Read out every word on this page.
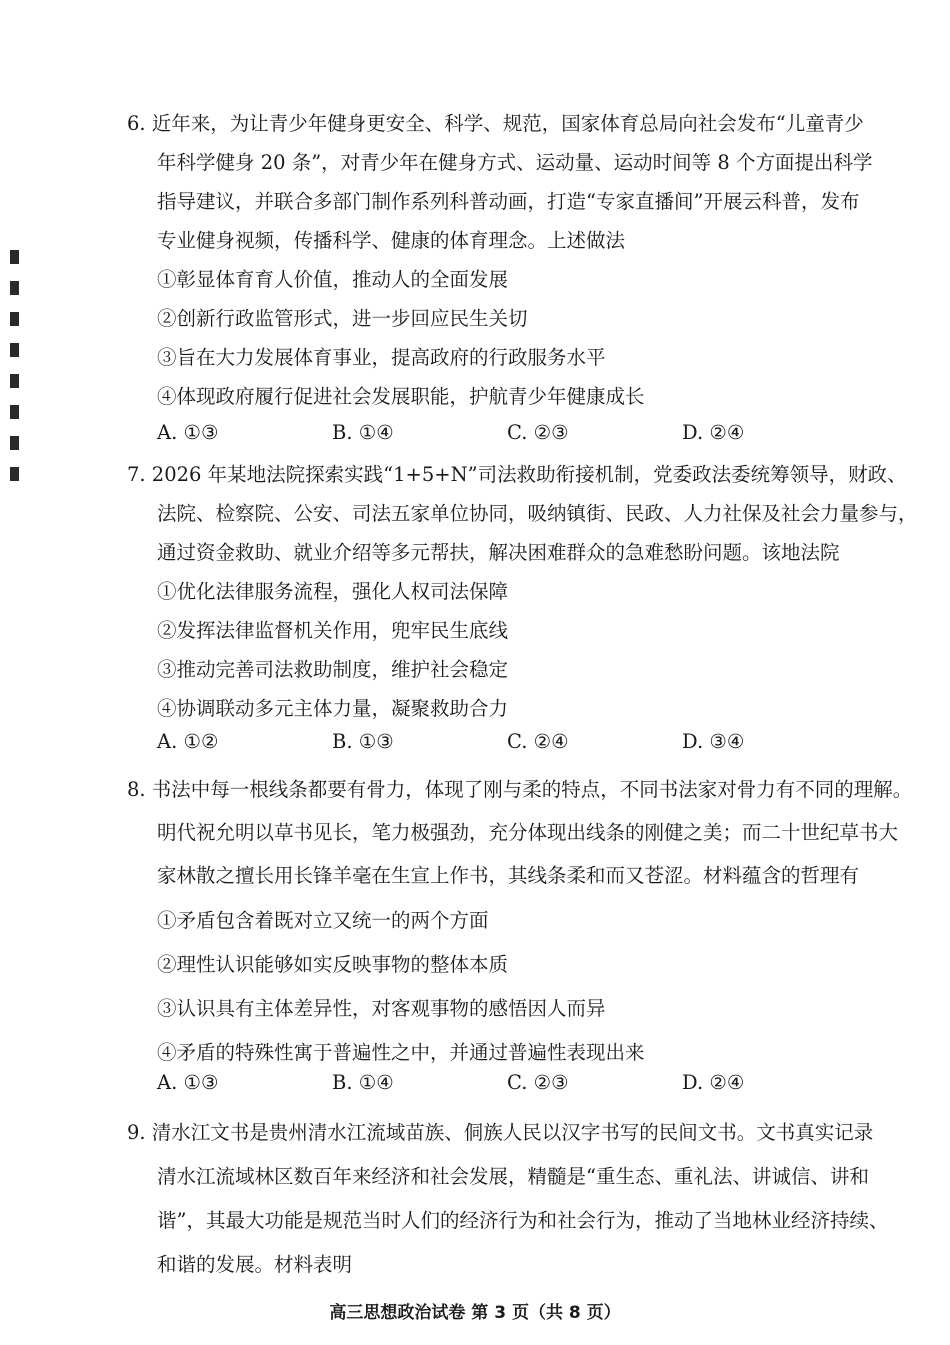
6. 近年来，为让青少年健身更安全、科学、规范，国家体育总局向社会发布“儿童青少
年科学健身 20 条”，对青少年在健身方式、运动量、运动时间等 8 个方面提出科学
指导建议，并联合多部门制作系列科普动画，打造“专家直播间”开展云科普，发布
专业健身视频，传播科学、健康的体育理念。上述做法
①彰显体育育人价值，推动人的全面发展
②创新行政监管形式，进一步回应民生关切
③旨在大力发展体育事业，提高政府的行政服务水平
④体现政府履行促进社会发展职能，护航青少年健康成长
A. ①③	B. ①④	C. ②③	D. ②④
7. 2026 年某地法院探索实践“1+5+N”司法救助衔接机制，党委政法委统筹领导，财政、
法院、检察院、公安、司法五家单位协同，吸纳镇街、民政、人力社保及社会力量参与，
通过资金救助、就业介绍等多元帮扶，解决困难群众的急难愁盼问题。该地法院
①优化法律服务流程，强化人权司法保障
②发挥法律监督机关作用，兜牢民生底线
③推动完善司法救助制度，维护社会稳定
④协调联动多元主体力量，凝聚救助合力
A. ①②	B. ①③	C. ②④	D. ③④
8. 书法中每一根线条都要有骨力，体现了刚与柔的特点，不同书法家对骨力有不同的理解。
明代祝允明以草书见长，笔力极强劲，充分体现出线条的刚健之美；而二十世纪草书大
家林散之擅长用长锋羊毫在生宣上作书，其线条柔和而又苍涩。材料蕴含的哲理有
①矛盾包含着既对立又统一的两个方面
②理性认识能够如实反映事物的整体本质
③认识具有主体差异性，对客观事物的感悟因人而异
④矛盾的特殊性寓于普遍性之中，并通过普遍性表现出来
A. ①③	B. ①④	C. ②③	D. ②④
9. 清水江文书是贵州清水江流域苗族、侗族人民以汉字书写的民间文书。文书真实记录
清水江流域林区数百年来经济和社会发展，精髓是“重生态、重礼法、讲诚信、讲和
谐”，其最大功能是规范当时人们的经济行为和社会行为，推动了当地林业经济持续、
和谐的发展。材料表明
高三思想政治试卷 第 3 页（共 8 页）
